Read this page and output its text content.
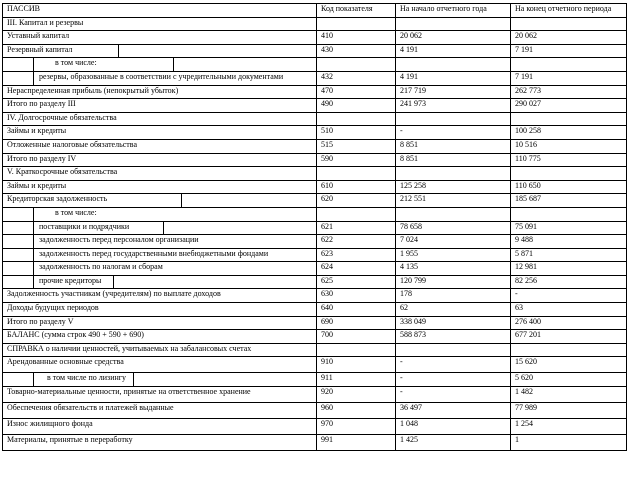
ПАССИВ	Код показателя	На начало отчетного года	На конец отчетного периода
III. Капитал и резервы			
Уставный капитал	410	20 062	20 062
Резервный капитал	430	4 191	7 191

в том числе:

резервы, образованные в соответствии с учредительными документами	432	4 191	7 191
Нераспределенная прибыль (непокрытый убыток)	470	217 719	262 773
Итого по разделу III	490	241 973	290 027
IV. Долгосрочные обязательства			
Займы и кредиты	510	-	100 258
Отложенные налоговые обязательства	515	8 851	10 516
Итого по разделу IV	590	8 851	110 775
V. Краткосрочные обязательства			
Займы и кредиты	610	125 258	110 650
Кредиторская задолженность	620	212 551	185 687

в том числе:			

поставщики и подрядчики	621	78 658	75 091

задолженность перед персоналом организации	622	7 024	9 488

задолженность перед государственными внебюджетными фондами	623	1 955	5 871

задолженность по налогам и сборам	624	4 135	12 981

прочие кредиторы	625	120 799	82 256
Задолженность участникам (учредителям) по выплате доходов	630	178	-
Доходы будущих периодов	640	62	63
Итого по разделу V	690	338 049	276 400
БАЛАНС (сумма строк 490 + 590 + 690)	700	588 873	677 201
СПРАВКА о наличии ценностей, учитываемых на забалансовых счетах			
Арендованные основные средства	910	-	15 620

в том числе по лизингу	911	-	5 620
Товарно-материальные ценности, принятые на ответственное хранение	920	-	1 482
Обеспечения обязательств и платежей выданные	960	36 497	77 989
Износ жилищного фонда	970	1 048	1 254
Материалы, принятые в переработку	991	1 425	1
